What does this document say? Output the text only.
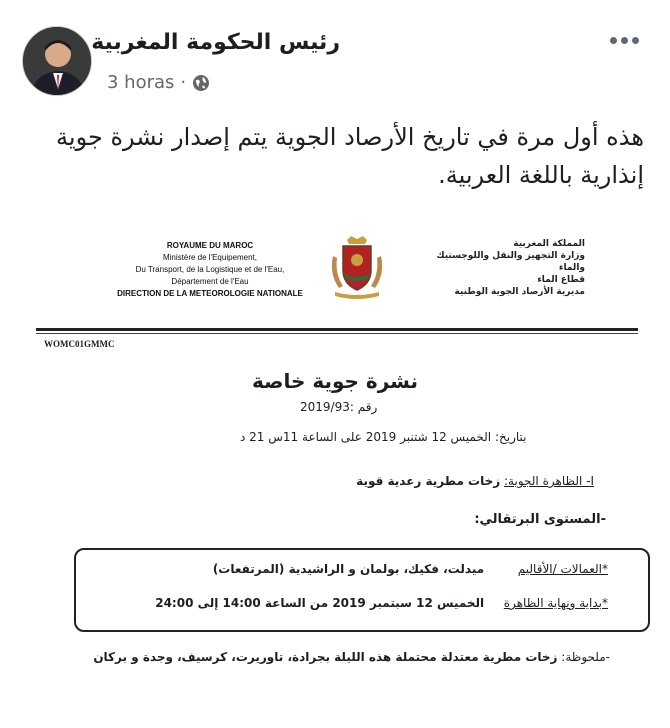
رئيس الحكومة المغربية
3 horas ·
هذه أول مرة في تاريخ الأرصاد الجوية يتم إصدار نشرة جوية إنذارية باللغة العربية.
ROYAUME DU MAROC
Ministère de l'Equipement,
Du Transport, de la Logistique et de l'Eau,
Département de l'Eau
DIRECTION DE LA METEOROLOGIE NATIONALE
المملكة المغربية
وزارة التجهيز والنقل واللوجستيك والماء
قطاع الماء
مديرية الأرصاد الجوية الوطنية
WOMC01GMMC
نشرة جوية خاصة
رقم :2019/93
بتاريخ: الخميس 12 شتنبر 2019 على الساعة 11س 21 د
I- الظاهرة الجوية: زخات مطرية رعدية قوية
-المستوى البرتقالي:
*العمالات /الأقاليم ميدلت، فكيك، بولمان و الراشيدية (المرتفعات)
*بداية ونهاية الظاهرة الخميس 12 سبتمبر 2019 من الساعة 14:00 إلى 24:00
-ملحوظة: زخات مطرية معتدلة محتملة هذه الليلة بجرادة، تاوريرت، كرسيف، وجدة و بركان
